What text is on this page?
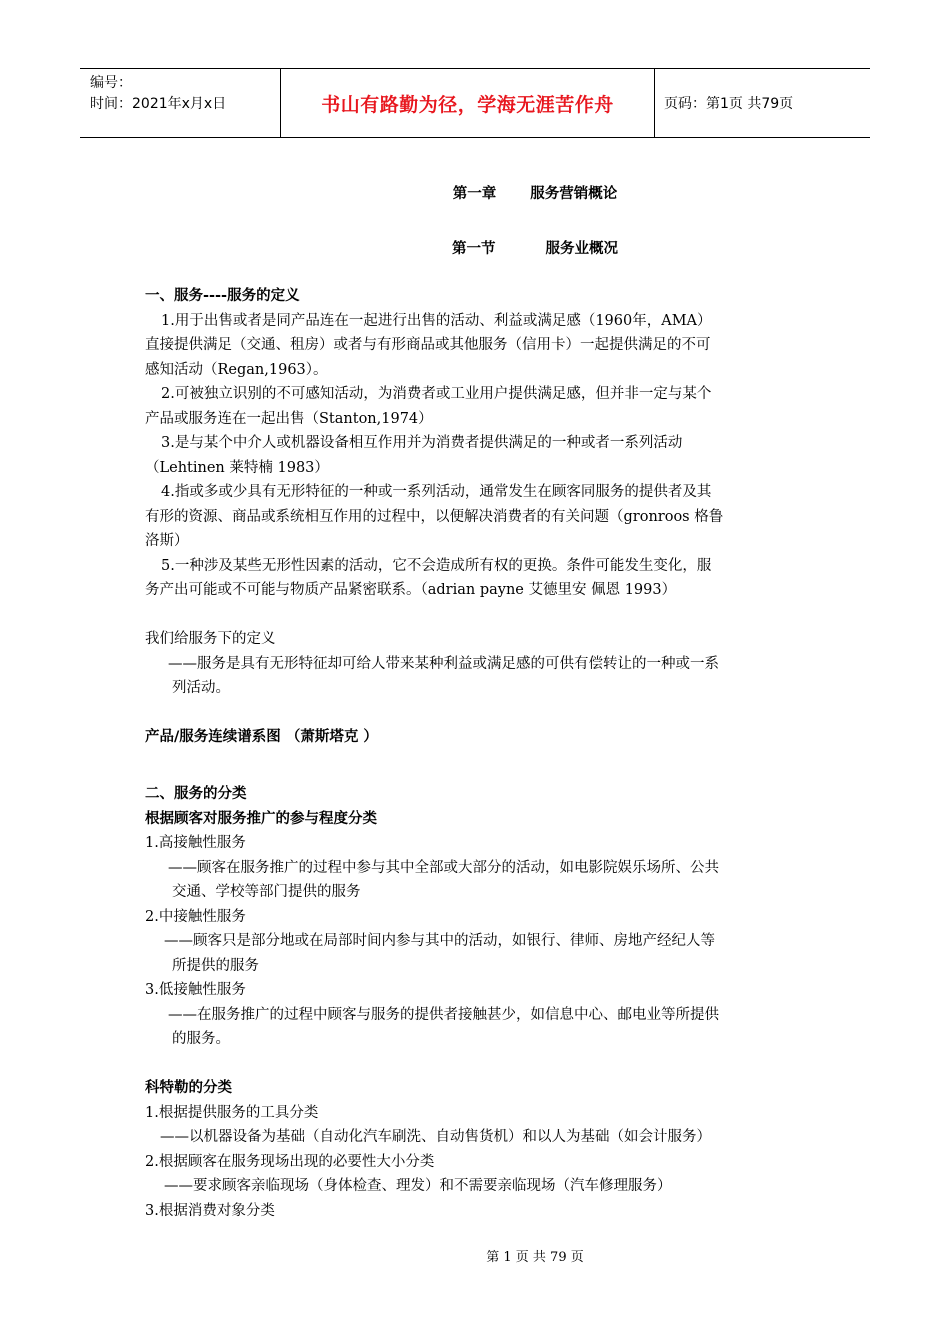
编号：
时间：2021年x月x日	书山有路勤为径，学海无涯苦作舟	页码：第1页 共79页
第一章 服务营销概论
第一节	服务业概况

一、服务----服务的定义

1.用于出售或者是同产品连在一起进行出售的活动、利益或满足感（1960年，AMA）

直接提供满足（交通、租房）或者与有形商品或其他服务（信用卡）一起提供满足的不可

感知活动（Regan,1963）。

2.可被独立识别的不可感知活动，为消费者或工业用户提供满足感，但并非一定与某个

产品或服务连在一起出售（Stanton,1974）

3.是与某个中介人或机器设备相互作用并为消费者提供满足的一种或者一系列活动

（Lehtinen 莱特楠 1983）

4.指或多或少具有无形特征的一种或一系列活动，通常发生在顾客同服务的提供者及其

有形的资源、商品或系统相互作用的过程中，以便解决消费者的有关问题（gronroos 格鲁

洛斯）

5.一种涉及某些无形性因素的活动，它不会造成所有权的更换。条件可能发生变化，服

务产出可能或不可能与物质产品紧密联系。（adrian payne 艾德里安 佩恩 1993）

我们给服务下的定义

——服务是具有无形特征却可给人带来某种利益或满足感的可供有偿转让的一种或一系

列活动。

产品/服务连续谱系图 （萧斯塔克 ）

二、服务的分类

根据顾客对服务推广的参与程度分类

1.高接触性服务

——顾客在服务推广的过程中参与其中全部或大部分的活动，如电影院娱乐场所、公共

交通、学校等部门提供的服务

2.中接触性服务

——顾客只是部分地或在局部时间内参与其中的活动，如银行、律师、房地产经纪人等

所提供的服务

3.低接触性服务

——在服务推广的过程中顾客与服务的提供者接触甚少，如信息中心、邮电业等所提供

的服务。

科特勒的分类

1.根据提供服务的工具分类

——以机器设备为基础（自动化汽车刷洗、自动售货机）和以人为基础（如会计服务）

2.根据顾客在服务现场出现的必要性大小分类

——要求顾客亲临现场（身体检查、理发）和不需要亲临现场（汽车修理服务）

3.根据消费对象分类

第 1 页 共 79 页
